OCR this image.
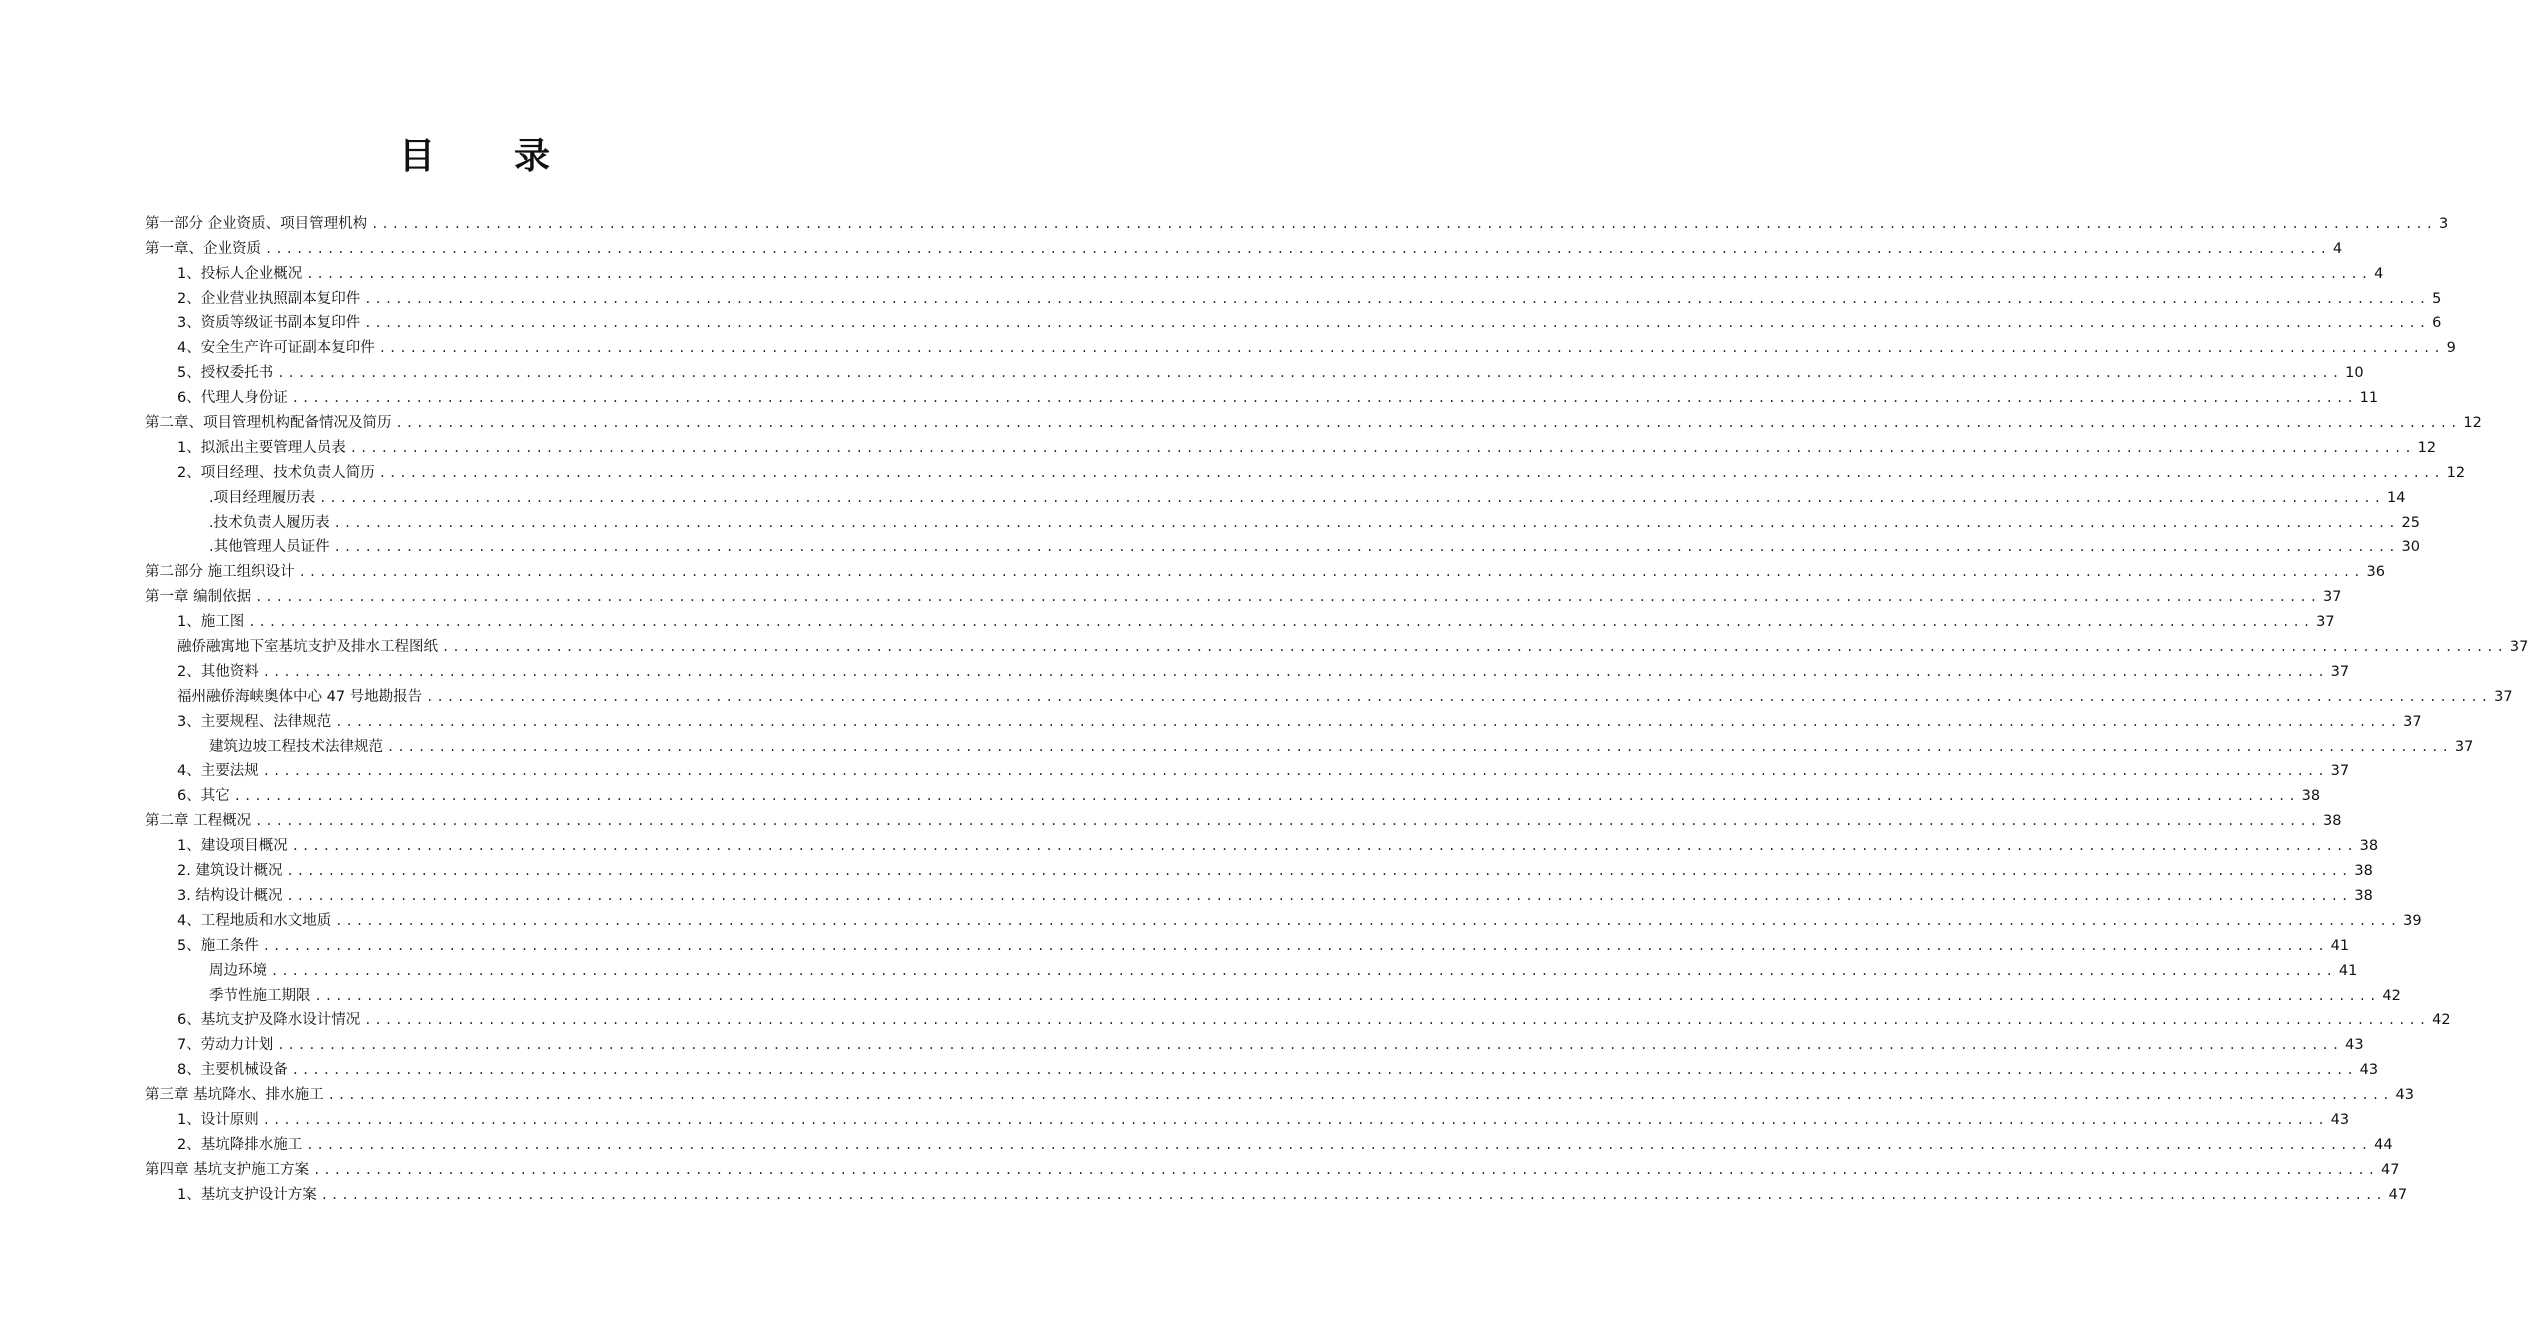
目 录
第一部分 企业资质、项目管理机构 ........................................................................................................................................................................................................ 3
第一章、企业资质 ........................................................................................................................................................................................................ 4
1、投标人企业概况 ........................................................................................................................................................................................................ 4
2、企业营业执照副本复印件 ........................................................................................................................................................................................................ 5
3、资质等级证书副本复印件 ........................................................................................................................................................................................................ 6
4、安全生产许可证副本复印件 ........................................................................................................................................................................................................ 9
5、授权委托书 ........................................................................................................................................................................................................ 10
6、代理人身份证 ........................................................................................................................................................................................................ 11
第二章、项目管理机构配备情况及简历 ........................................................................................................................................................................................................ 12
1、拟派出主要管理人员表 ........................................................................................................................................................................................................ 12
2、项目经理、技术负责人简历 ........................................................................................................................................................................................................ 12
.项目经理履历表 ........................................................................................................................................................................................................ 14
.技术负责人履历表 ........................................................................................................................................................................................................ 25
.其他管理人员证件 ........................................................................................................................................................................................................ 30
第二部分 施工组织设计 ........................................................................................................................................................................................................ 36
第一章 编制依据 ........................................................................................................................................................................................................ 37
1、施工图 ........................................................................................................................................................................................................ 37
融侨融寓地下室基坑支护及排水工程图纸 ........................................................................................................................................................................................................ 37
2、其他资料 ........................................................................................................................................................................................................ 37
福州融侨海峡奥体中心 47 号地勘报告 ........................................................................................................................................................................................................ 37
3、主要规程、法律规范 ........................................................................................................................................................................................................ 37
建筑边坡工程技术法律规范 ........................................................................................................................................................................................................ 37
4、主要法规 ........................................................................................................................................................................................................ 37
6、其它 ........................................................................................................................................................................................................ 38
第二章 工程概况 ........................................................................................................................................................................................................ 38
1、建设项目概况 ........................................................................................................................................................................................................ 38
2. 建筑设计概况 ........................................................................................................................................................................................................ 38
3. 结构设计概况 ........................................................................................................................................................................................................ 38
4、工程地质和水文地质 ........................................................................................................................................................................................................ 39
5、施工条件 ........................................................................................................................................................................................................ 41
周边环境 ........................................................................................................................................................................................................ 41
季节性施工期限 ........................................................................................................................................................................................................ 42
6、基坑支护及降水设计情况 ........................................................................................................................................................................................................ 42
7、劳动力计划 ........................................................................................................................................................................................................ 43
8、主要机械设备 ........................................................................................................................................................................................................ 43
第三章 基坑降水、排水施工 ........................................................................................................................................................................................................ 43
1、设计原则 ........................................................................................................................................................................................................ 43
2、基坑降排水施工 ........................................................................................................................................................................................................ 44
第四章 基坑支护施工方案 ........................................................................................................................................................................................................ 47
1、基坑支护设计方案 ........................................................................................................................................................................................................ 47
